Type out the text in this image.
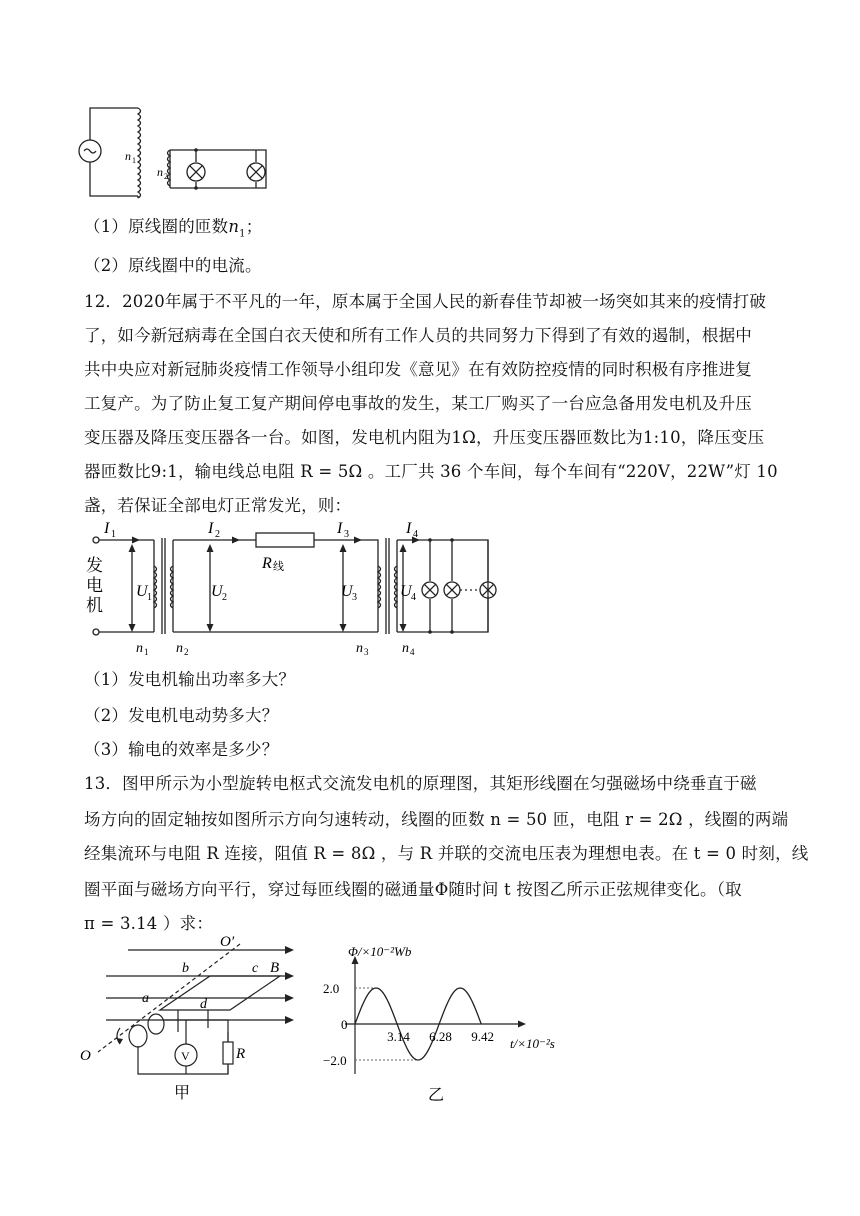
n 1
n 2
（1）原线圈的匝数$n_1$；
（2）原线圈中的电流。
12．2020年属于不平凡的一年，原本属于全国人民的新春佳节却被一场突如其来的疫情打破
了，如今新冠病毒在全国白衣天使和所有工作人员的共同努力下得到了有效的遏制，根据中
共中央应对新冠肺炎疫情工作领导小组印发《意见》在有效防控疫情的同时积极有序推进复
工复产。为了防止复工复产期间停电事故的发生，某工厂购买了一台应急备用发电机及升压
变压器及降压变压器各一台。如图，发电机内阻为1Ω，升压变压器匝数比为1:10，降压变压
器匝数比9:1，输电线总电阻 R = 5Ω 。工厂共 36 个车间，每个车间有“220V，22W”灯 10
盏，若保证全部电灯正常发光，则：
发
电
机
I 1	I 2	I 3	I 4
R 线
U 1	U 2	U 3	U 4
n 1 n 2	n 3 n 4
（1）发电机输出功率多大？
（2）发电机电动势多大？
（3）输电的效率是多少？
13．图甲所示为小型旋转电枢式交流发电机的原理图，其矩形线圈在匀强磁场中绕垂直于磁
场方向的固定轴按如图所示方向匀速转动，线圈的匝数 n = 50 匝，电阻 r = 2Ω ，线圈的两端
经集流环与电阻 R 连接，阻值 R = 8Ω ，与 R 并联的交流电压表为理想电表。在 t = 0 时刻，线
圈平面与磁场方向平行，穿过每匝线圈的磁通量Φ随时间 t 按图乙所示正弦规律变化。（取
π = 3.14 ）求：
O′
O
a
b	c
d
B
V	R
甲
3.14 6.28 9.42
2.0
0
−2.0
Φ/×10⁻²Wb
t/×10⁻²s
乙
